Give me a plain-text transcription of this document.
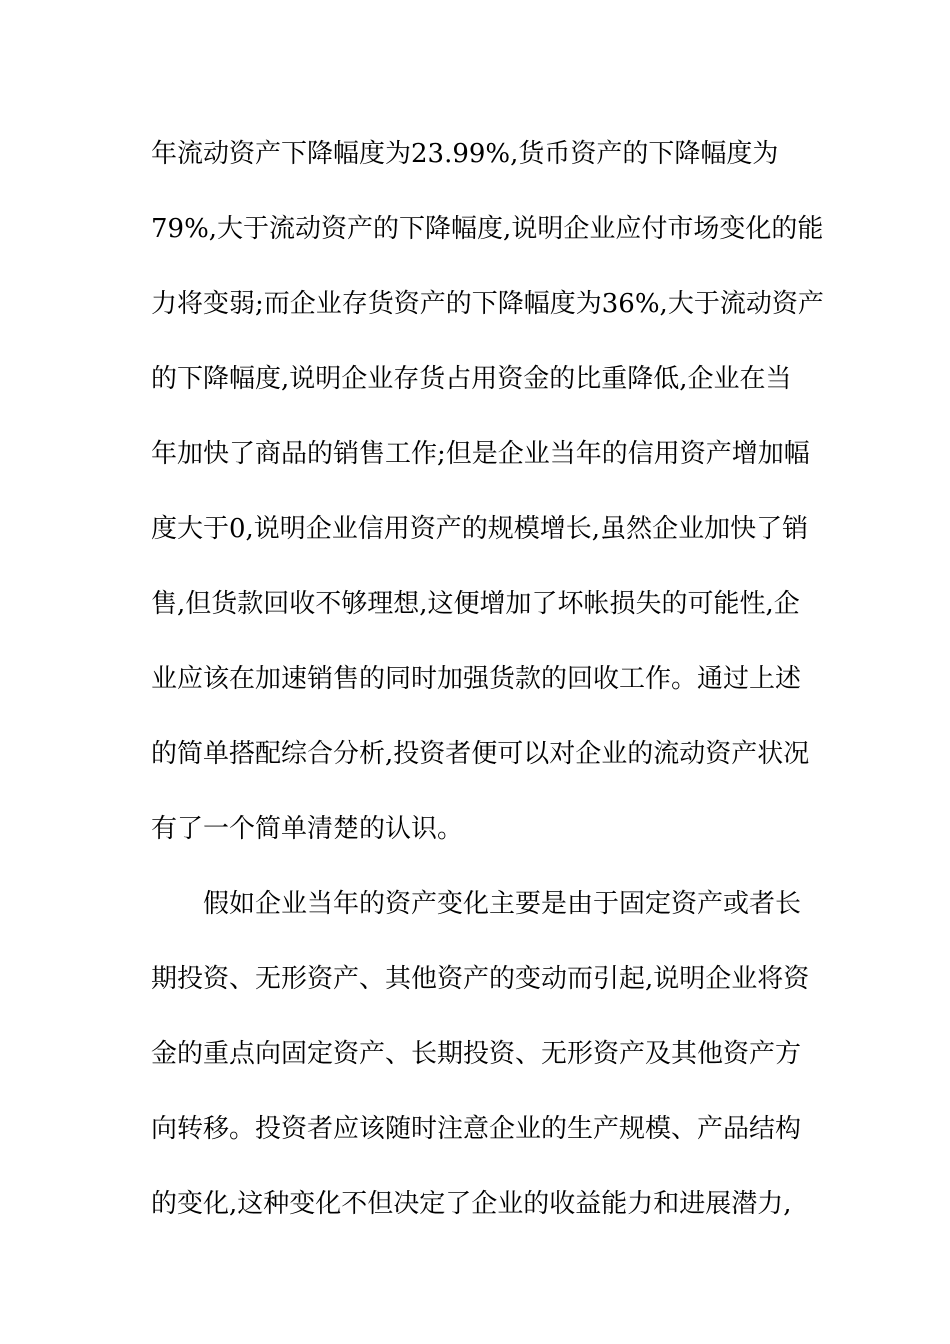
年流动资产下降幅度为23.99%,货币资产的下降幅度为
79%,大于流动资产的下降幅度,说明企业应付市场变化的能
力将变弱;而企业存货资产的下降幅度为36%,大于流动资产
的下降幅度,说明企业存货占用资金的比重降低,企业在当
年加快了商品的销售工作;但是企业当年的信用资产增加幅
度大于0,说明企业信用资产的规模增长,虽然企业加快了销
售,但货款回收不够理想,这便增加了坏帐损失的可能性,企
业应该在加速销售的同时加强货款的回收工作。通过上述
的简单搭配综合分析,投资者便可以对企业的流动资产状况
有了一个简单清楚的认识。
假如企业当年的资产变化主要是由于固定资产或者长
期投资、无形资产、其他资产的变动而引起,说明企业将资
金的重点向固定资产、长期投资、无形资产及其他资产方
向转移。投资者应该随时注意企业的生产规模、产品结构
的变化,这种变化不但决定了企业的收益能力和进展潜力,
